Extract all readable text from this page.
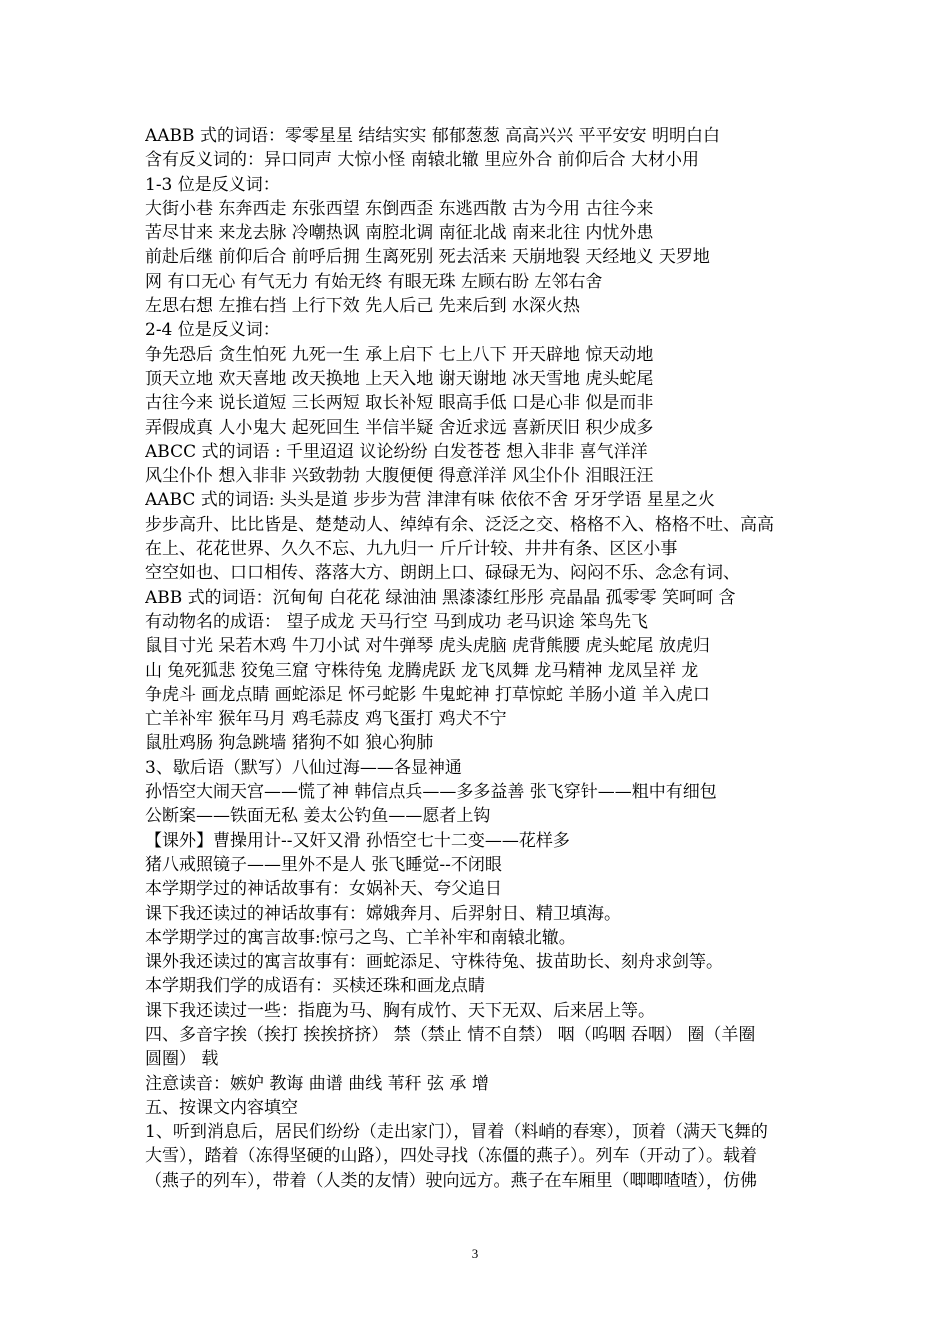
AABB 式的词语：零零星星 结结实实 郁郁葱葱 高高兴兴 平平安安 明明白白
含有反义词的：异口同声 大惊小怪 南辕北辙 里应外合 前仰后合 大材小用
1-3 位是反义词：
大街小巷 东奔西走 东张西望 东倒西歪 东逃西散 古为今用 古往今来
苦尽甘来 来龙去脉 冷嘲热讽 南腔北调 南征北战 南来北往 内忧外患
前赴后继 前仰后合 前呼后拥 生离死别 死去活来 天崩地裂 天经地义 天罗地
网 有口无心 有气无力 有始无终 有眼无珠 左顾右盼 左邻右舍
左思右想 左推右挡 上行下效 先人后己 先来后到 水深火热
2-4 位是反义词：
争先恐后 贪生怕死 九死一生 承上启下 七上八下 开天辟地 惊天动地
顶天立地 欢天喜地 改天换地 上天入地 谢天谢地 冰天雪地 虎头蛇尾
古往今来 说长道短 三长两短 取长补短 眼高手低 口是心非 似是而非
弄假成真 人小鬼大 起死回生 半信半疑 舍近求远 喜新厌旧 积少成多
ABCC 式的词语 : 千里迢迢 议论纷纷 白发苍苍 想入非非 喜气洋洋
风尘仆仆 想入非非 兴致勃勃 大腹便便 得意洋洋 风尘仆仆 泪眼汪汪
AABC 式的词语: 头头是道 步步为营 津津有味 依依不舍 牙牙学语 星星之火
步步高升、比比皆是、楚楚动人、绰绰有余、泛泛之交、格格不入、格格不吐、高高
在上、花花世界、久久不忘、九九归一 斤斤计较、井井有条、区区小事
空空如也、口口相传、落落大方、朗朗上口、碌碌无为、闷闷不乐、念念有词、
ABB 式的词语：沉甸甸 白花花 绿油油 黑漆漆红彤彤 亮晶晶 孤零零 笑呵呵 含
有动物名的成语： 望子成龙 天马行空 马到成功 老马识途 笨鸟先飞
鼠目寸光 呆若木鸡 牛刀小试 对牛弹琴 虎头虎脑 虎背熊腰 虎头蛇尾 放虎归
山 兔死狐悲 狡兔三窟 守株待兔 龙腾虎跃 龙飞凤舞 龙马精神 龙凤呈祥 龙
争虎斗 画龙点睛 画蛇添足 怀弓蛇影 牛鬼蛇神 打草惊蛇 羊肠小道 羊入虎口
亡羊补牢 猴年马月 鸡毛蒜皮 鸡飞蛋打 鸡犬不宁
鼠肚鸡肠 狗急跳墙 猪狗不如 狼心狗肺
3、歇后语（默写）八仙过海——各显神通
孙悟空大闹天宫——慌了神 韩信点兵——多多益善 张飞穿针——粗中有细包
公断案——铁面无私 姜太公钓鱼——愿者上钩
【课外】曹操用计--又奸又滑 孙悟空七十二变——花样多
猪八戒照镜子——里外不是人 张飞睡觉--不闭眼
本学期学过的神话故事有：女娲补天、夸父追日
课下我还读过的神话故事有：嫦娥奔月、后羿射日、精卫填海。
本学期学过的寓言故事:惊弓之鸟、亡羊补牢和南辕北辙。
课外我还读过的寓言故事有：画蛇添足、守株待兔、拔苗助长、刻舟求剑等。
本学期我们学的成语有：买椟还珠和画龙点睛
课下我还读过一些：指鹿为马、胸有成竹、天下无双、后来居上等。
四、多音字挨（挨打 挨挨挤挤） 禁（禁止 情不自禁） 咽（呜咽 吞咽） 圈（羊圈
圆圈） 载
注意读音：嫉妒 教诲 曲谱 曲线 苇秆 弦 承 增
五、按课文内容填空
1、听到消息后，居民们纷纷（走出家门），冒着（料峭的春寒），顶着（满天飞舞的
大雪），踏着（冻得坚硬的山路），四处寻找（冻僵的燕子）。列车（开动了）。载着
（燕子的列车），带着（人类的友情）驶向远方。燕子在车厢里（唧唧喳喳），仿佛
3
